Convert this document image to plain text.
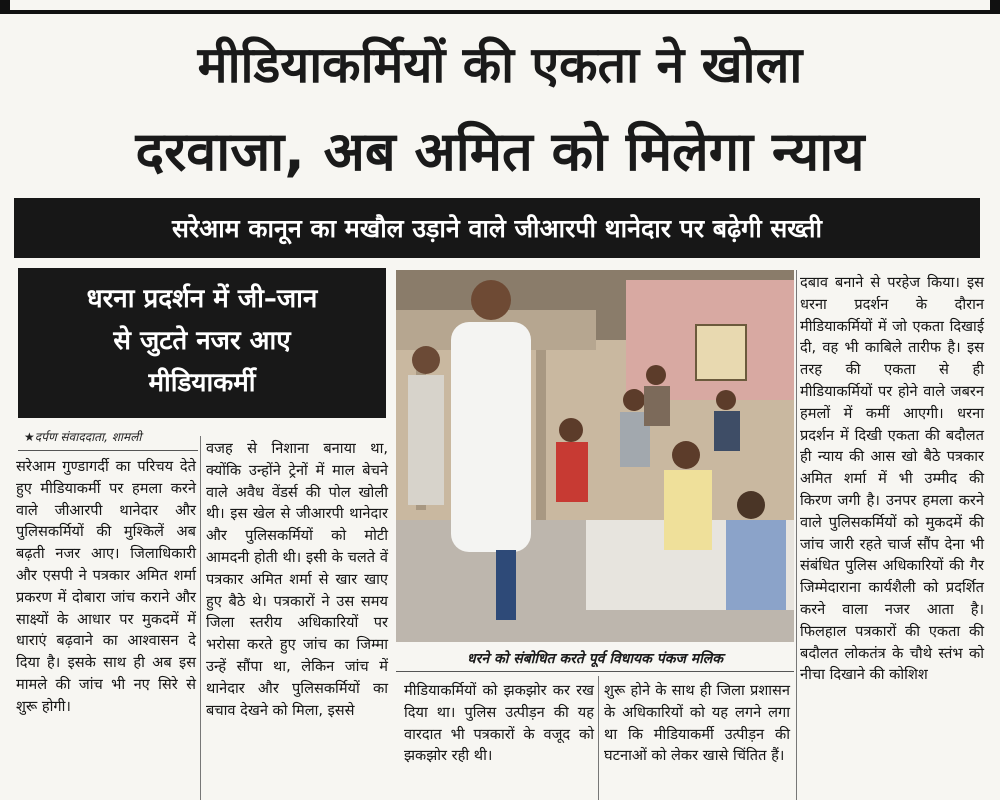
मीडियाकर्मियों की एकता ने खोला
दरवाजा, अब अमित को मिलेगा न्याय
सरेआम कानून का मखौल उड़ाने वाले जीआरपी थानेदार पर बढ़ेगी सख्ती
धरना प्रदर्शन में जी–जान
से जुटते नजर आए
मीडियाकर्मी
★दर्पण संवाददाता, शामली

सरेआम गुण्डागर्दी का परिचय देते हुए मीडियाकर्मी पर हमला करने वाले जीआरपी थानेदार और पुलिसकर्मियों की मुश्किलें अब बढ़ती नजर आए। जिलाधिकारी और एसपी ने पत्रकार अमित शर्मा प्रकरण में दोबारा जांच कराने और साक्ष्यों के आधार पर मुकदमें में धाराएं बढ़वाने का आश्वासन दे दिया है। इसके साथ ही अब इस मामले की जांच भी नए सिरे से शुरू होगी।

वजह से निशाना बनाया था, क्योंकि उन्होंने ट्रेनों में माल बेचने वाले अवैध वेंडर्स की पोल खोली थी। इस खेल से जीआरपी थानेदार और पुलिसकर्मियों को मोटी आमदनी होती थी। इसी के चलते वें पत्रकार अमित शर्मा से खार खाए हुए बैठे थे। पत्रकारों ने उस समय जिला स्तरीय अधिकारियों पर भरोसा करते हुए जांच का जिम्मा उन्हें सौंपा था, लेकिन जांच में थानेदार और पुलिसकर्मियों का बचाव देखने को मिला, इससे

धरने को संबोधित करते पूर्व विधायक पंकज मलिक

मीडियाकर्मियों को झकझोर कर रख दिया था। पुलिस उत्पीड़न की यह वारदात भी पत्रकारों के वजूद को झकझोर रही थी।

शुरू होने के साथ ही जिला प्रशासन के अधिकारियों को यह लगने लगा था कि मीडियाकर्मी उत्पीड़न की घटनाओं को लेकर खासे चिंतित हैं।

दबाव बनाने से परहेज किया। इस धरना प्रदर्शन के दौरान मीडियाकर्मियों में जो एकता दिखाई दी, वह भी काबिले तारीफ है। इस तरह की एकता से ही मीडियाकर्मियों पर होने वाले जबरन हमलों में कमीं आएगी। धरना प्रदर्शन में दिखी एकता की बदौलत ही न्याय की आस खो बैठे पत्रकार अमित शर्मा में भी उम्मीद की किरण जगी है। उनपर हमला करने वाले पुलिसकर्मियों को मुकदमें की जांच जारी रहते चार्ज सौंप देना भी संबंधित पुलिस अधिकारियों की गैर जिम्मेदाराना कार्यशैली को प्रदर्शित करने वाला नजर आता है। फिलहाल पत्रकारों की एकता की बदौलत लोकतंत्र के चौथे स्तंभ को नीचा दिखाने की कोशिश
